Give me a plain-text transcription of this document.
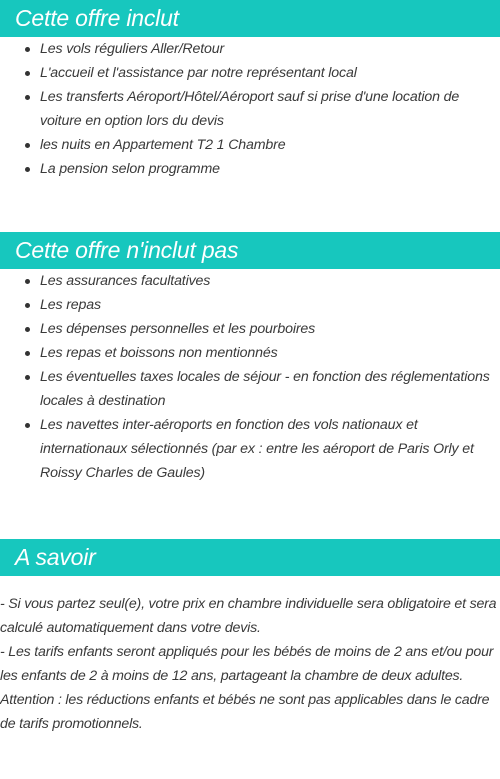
Cette offre inclut
Les vols réguliers Aller/Retour
L'accueil et l'assistance par notre représentant local
Les transferts Aéroport/Hôtel/Aéroport sauf si prise d'une location de voiture en option lors du devis
les nuits en Appartement T2 1 Chambre
La pension selon programme
Cette offre n'inclut pas
Les assurances facultatives
Les repas
Les dépenses personnelles et les pourboires
Les repas et boissons non mentionnés
Les éventuelles taxes locales de séjour - en fonction des réglementations locales à destination
Les navettes inter-aéroports en fonction des vols nationaux et internationaux sélectionnés (par ex : entre les aéroport de Paris Orly et Roissy Charles de Gaules)
A savoir

- Si vous partez seul(e), votre prix en chambre individuelle sera obligatoire et sera calculé automatiquement dans votre devis.

- Les tarifs enfants seront appliqués pour les bébés de moins de 2 ans et/ou pour les enfants de 2 à moins de 12 ans, partageant la chambre de deux adultes. Attention : les réductions enfants et bébés ne sont pas applicables dans le cadre de tarifs promotionnels.
